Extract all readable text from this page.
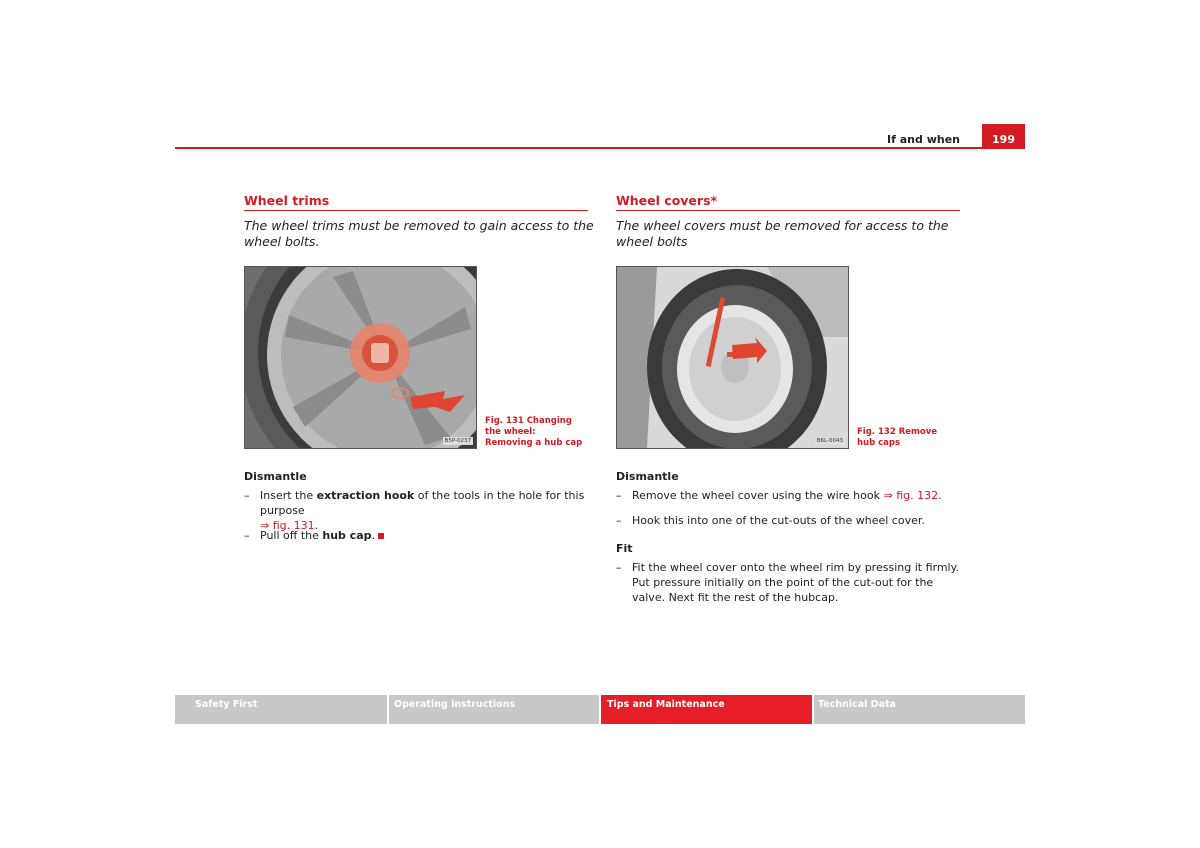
If and when	199
Wheel trims
The wheel trims must be removed to gain access to the wheel bolts.
B5P-0237
Fig. 131 Changing the wheel: Removing a hub cap
Dismantle
– Insert the extraction hook of the tools in the hole for this purpose
⇒ fig. 131.
– Pull off the hub cap.
Wheel covers*
The wheel covers must be removed for access to the wheel bolts
B6L-0043
Fig. 132 Remove hub caps
Dismantle
– Remove the wheel cover using the wire hook ⇒ fig. 132.
– Hook this into one of the cut-outs of the wheel cover.
Fit
– Fit the wheel cover onto the wheel rim by pressing it firmly. Put pressure initially on the point of the cut-out for the valve. Next fit the rest of the hubcap.
Safety First	Operating instructions	Tips and Maintenance	Technical Data
